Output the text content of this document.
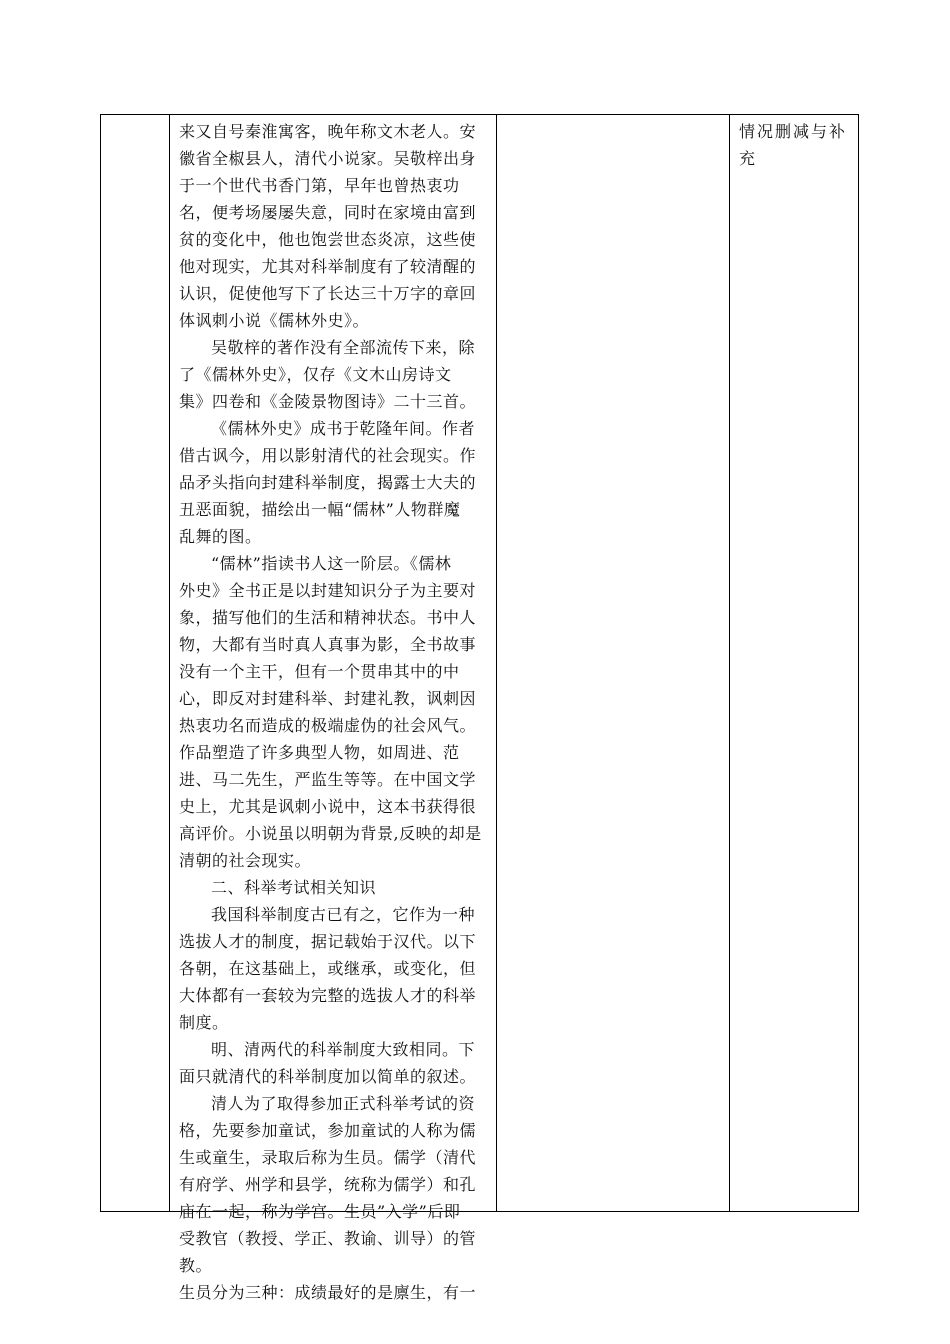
来又自号秦淮寓客，晚年称文木老人。安
徽省全椒县人，清代小说家。吴敬梓出身
于一个世代书香门第，早年也曾热衷功
名，便考场屡屡失意，同时在家境由富到
贫的变化中，他也饱尝世态炎凉，这些使
他对现实，尤其对科举制度有了较清醒的
认识，促使他写下了长达三十万字的章回
体讽刺小说《儒林外史》。
吴敬梓的著作没有全部流传下来，除
了《儒林外史》，仅存《文木山房诗文
集》四卷和《金陵景物图诗》二十三首。
《儒林外史》成书于乾隆年间。作者
借古讽今，用以影射清代的社会现实。作
品矛头指向封建科举制度，揭露士大夫的
丑恶面貌，描绘出一幅“儒林”人物群魔
乱舞的图。
“儒林”指读书人这一阶层。《儒林
外史》全书正是以封建知识分子为主要对
象，描写他们的生活和精神状态。书中人
物，大都有当时真人真事为影，全书故事
没有一个主干，但有一个贯串其中的中
心，即反对封建科举、封建礼教，讽刺因
热衷功名而造成的极端虚伪的社会风气。
作品塑造了许多典型人物，如周进、范
进、马二先生，严监生等等。在中国文学
史上，尤其是讽刺小说中，这本书获得很
高评价。小说虽以明朝为背景,反映的却是
清朝的社会现实。
二、科举考试相关知识
我国科举制度古已有之，它作为一种
选拔人才的制度，据记载始于汉代。以下
各朝，在这基础上，或继承，或变化，但
大体都有一套较为完整的选拔人才的科举
制度。
明、清两代的科举制度大致相同。下
面只就清代的科举制度加以简单的叙述。
清人为了取得参加正式科举考试的资
格，先要参加童试，参加童试的人称为儒
生或童生，录取后称为生员。儒学（清代
有府学、州学和县学，统称为儒学）和孔
庙在一起，称为学宫。生员”入学”后即
受教官（教授、学正、教谕、训导）的管
教。
生员分为三种：成绩最好的是廪生，有一
情况删减与补
充
